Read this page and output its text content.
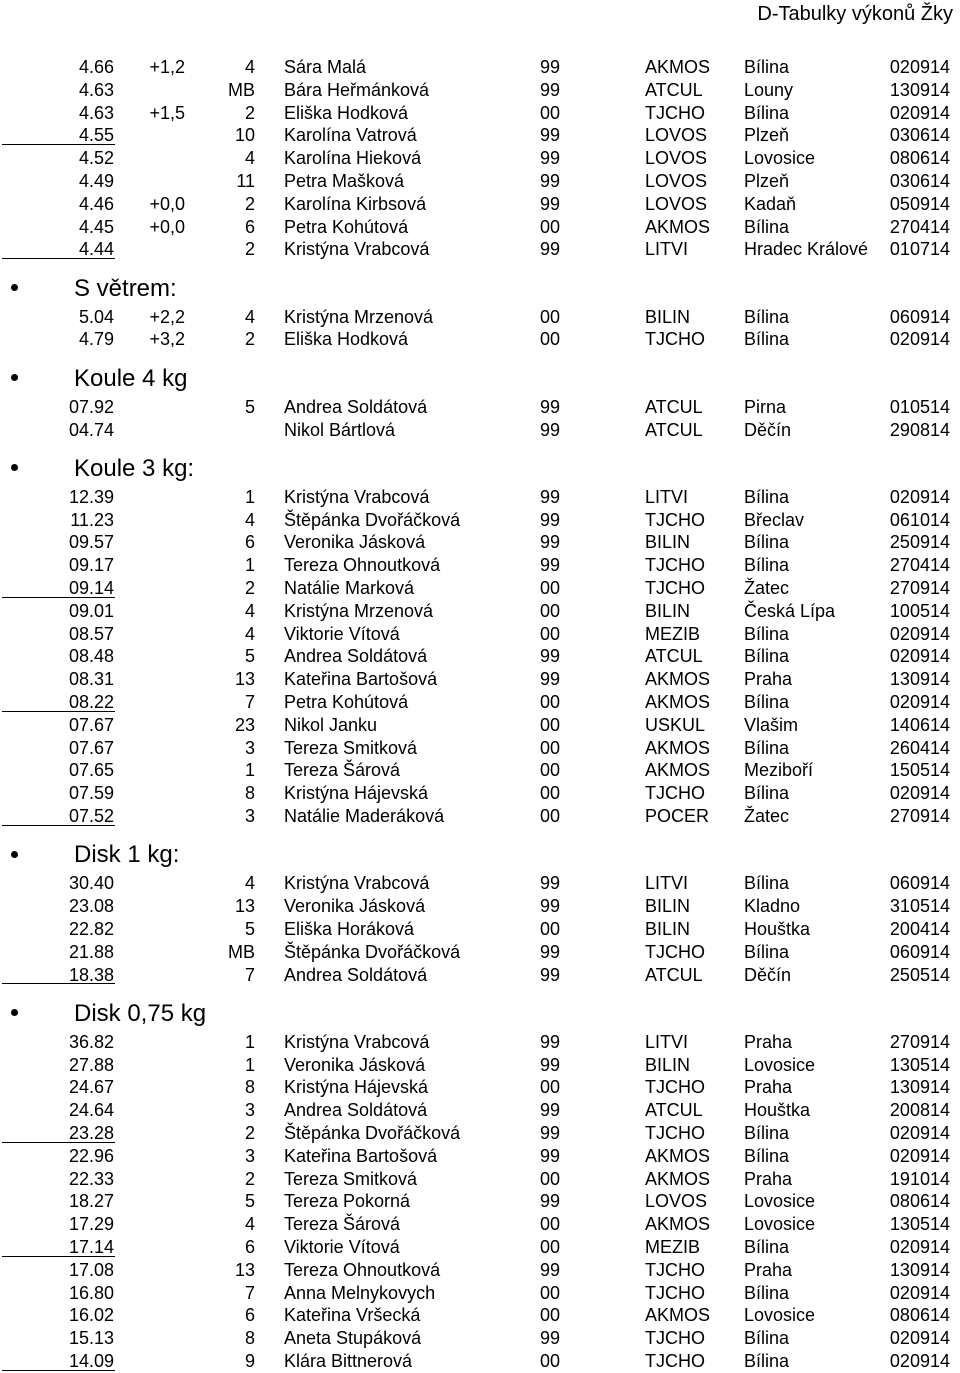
D-Tabulky výkonů Žky
4.66 +1,2	4 Sára Malá	99	AKMOS Bílina	020914
4.63	MB Bára Heřmánková	99	ATCUL Louny	130914
4.63 +1,5	2 Eliška Hodková	00	TJCHO Bílina	020914
4.55	10 Karolína Vatrová	99	LOVOS Plzeň	030614
4.52	4 Karolína Hieková	99	LOVOS Lovosice	080614
4.49	11 Petra Mašková	99	LOVOS Plzeň	030614
4.46 +0,0	2 Karolína Kirbsová	99	LOVOS Kadaň	050914
4.45 +0,0	6 Petra Kohútová	00	AKMOS Bílina	270414
4.44	2 Kristýna Vrabcová	99	LITVI	Hradec Králové 010714
S větrem:
5.04 +2,2	4 Kristýna Mrzenová	00	BILIN	Bílina	060914
4.79 +3,2	2 Eliška Hodková	00	TJCHO Bílina	020914
Koule 4 kg
07.92	5 Andrea Soldátová	99	ATCUL Pirna	010514
04.74	Nikol Bártlová	99	ATCUL Děčín	290814
Koule 3 kg:
12.39	1 Kristýna Vrabcová	99	LITVI	Bílina	020914
11.23	4 Štěpánka Dvořáčková	99	TJCHO Břeclav	061014
09.57	6 Veronika Jásková	99	BILIN	Bílina	250914
09.17	1 Tereza Ohnoutková	99	TJCHO Bílina	270414
09.14	2 Natálie Marková	00	TJCHO Žatec	270914
09.01	4 Kristýna Mrzenová	00	BILIN	Česká Lípa	100514
08.57	4 Viktorie Vítová	00	MEZIB Bílina	020914
08.48	5 Andrea Soldátová	99	ATCUL Bílina	020914
08.31	13 Kateřina Bartošová	99	AKMOS Praha	130914
08.22	7 Petra Kohútová	00	AKMOS Bílina	020914
07.67	23 Nikol Janku	00	USKUL Vlašim	140614
07.67	3 Tereza Smitková	00	AKMOS Bílina	260414
07.65	1 Tereza Šárová	00	AKMOS Meziboří	150514
07.59	8 Kristýna Hájevská	00	TJCHO Bílina	020914
07.52	3 Natálie Maderáková	00	POCER Žatec	270914
Disk 1 kg:
30.40	4 Kristýna Vrabcová	99	LITVI	Bílina	060914
23.08	13 Veronika Jásková	99	BILIN	Kladno	310514
22.82	5 Eliška Horáková	00	BILIN	Houštka	200414
21.88	MB Štěpánka Dvořáčková	99	TJCHO Bílina	060914
18.38	7 Andrea Soldátová	99	ATCUL Děčín	250514
Disk 0,75 kg
36.82	1 Kristýna Vrabcová	99	LITVI	Praha	270914
27.88	1 Veronika Jásková	99	BILIN	Lovosice	130514
24.67	8 Kristýna Hájevská	00	TJCHO Praha	130914
24.64	3 Andrea Soldátová	99	ATCUL Houštka	200814
23.28	2 Štěpánka Dvořáčková	99	TJCHO Bílina	020914
22.96	3 Kateřina Bartošová	99	AKMOS Bílina	020914
22.33	2 Tereza Smitková	00	AKMOS Praha	191014
18.27	5 Tereza Pokorná	99	LOVOS Lovosice	080614
17.29	4 Tereza Šárová	00	AKMOS Lovosice	130514
17.14	6 Viktorie Vítová	00	MEZIB Bílina	020914
17.08	13 Tereza Ohnoutková	99	TJCHO Praha	130914
16.80	7 Anna Melnykovych	00	TJCHO Bílina	020914
16.02	6 Kateřina Vršecká	00	AKMOS Lovosice	080614
15.13	8 Aneta Stupáková	99	TJCHO Bílina	020914
14.09	9 Klára Bittnerová	00	TJCHO Bílina	020914
